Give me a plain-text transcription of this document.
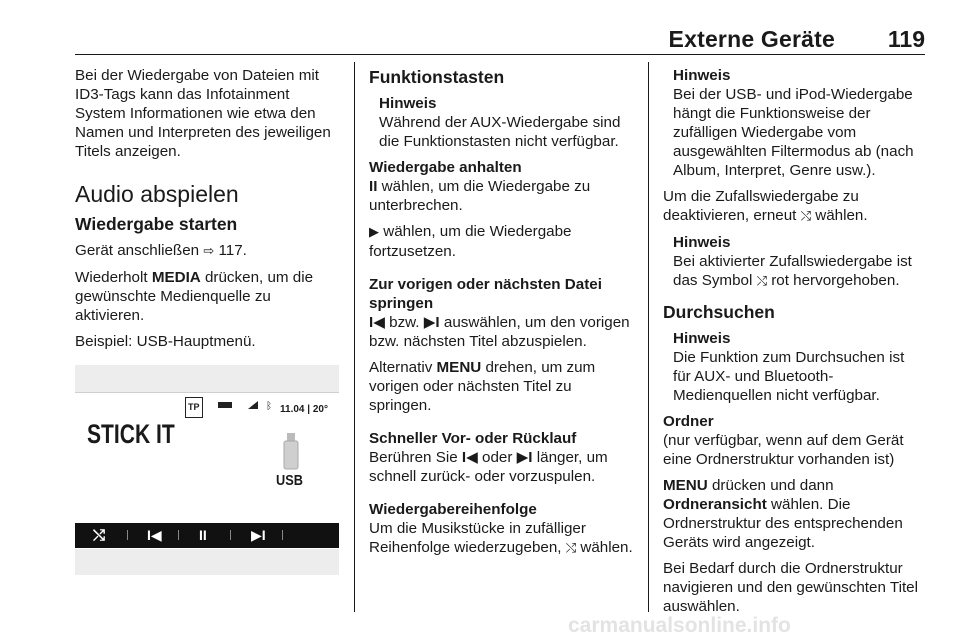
Externe Geräte 119

Bei der Wiedergabe von Dateien mit ID3-Tags kann das Infotainment System Informationen wie etwa den Namen und Interpreten des jeweiligen Titels anzeigen.

Audio abspielen
Wiedergabe starten

Gerät anschließen ⇨ 117.

Wiederholt MEDIA drücken, um die gewünschte Medienquelle zu aktivieren.

Beispiel: USB-Hauptmenü.

TP	ᛒ 11.04 | 20°
STICK IT
USB
⤭	I◀	II	▶I
Funktionstasten
Hinweis
Während der AUX-Wiedergabe sind die Funktionstasten nicht verfügbar.
Wiedergabe anhalten

II wählen, um die Wiedergabe zu unterbrechen.

▶ wählen, um die Wiedergabe fortzusetzen.

Zur vorigen oder nächsten Datei springen

I◀ bzw. ▶I auswählen, um den vorigen bzw. nächsten Titel abzuspielen.

Alternativ MENU drehen, um zum vorigen oder nächsten Titel zu springen.

Schneller Vor- oder Rücklauf

Berühren Sie I◀ oder ▶I länger, um schnell zurück- oder vorzuspulen.

Wiedergabereihenfolge

Um die Musikstücke in zufälliger Reihenfolge wiederzugeben, ⤭ wählen.

Hinweis
Bei der USB- und iPod-Wiedergabe hängt die Funktionsweise der zufälligen Wiedergabe vom ausgewählten Filtermodus ab (nach Album, Interpret, Genre usw.).

Um die Zufallswiedergabe zu deaktivieren, erneut ⤭ wählen.

Hinweis
Bei aktivierter Zufallswiedergabe ist das Symbol ⤭ rot hervorgehoben.
Durchsuchen
Hinweis
Die Funktion zum Durchsuchen ist für AUX- und Bluetooth-Medienquellen nicht verfügbar.
Ordner

(nur verfügbar, wenn auf dem Gerät eine Ordnerstruktur vorhanden ist)

MENU drücken und dann Ordneransicht wählen. Die Ordnerstruktur des entsprechenden Geräts wird angezeigt.

Bei Bedarf durch die Ordnerstruktur navigieren und den gewünschten Titel auswählen.

carmanualsonline.info
